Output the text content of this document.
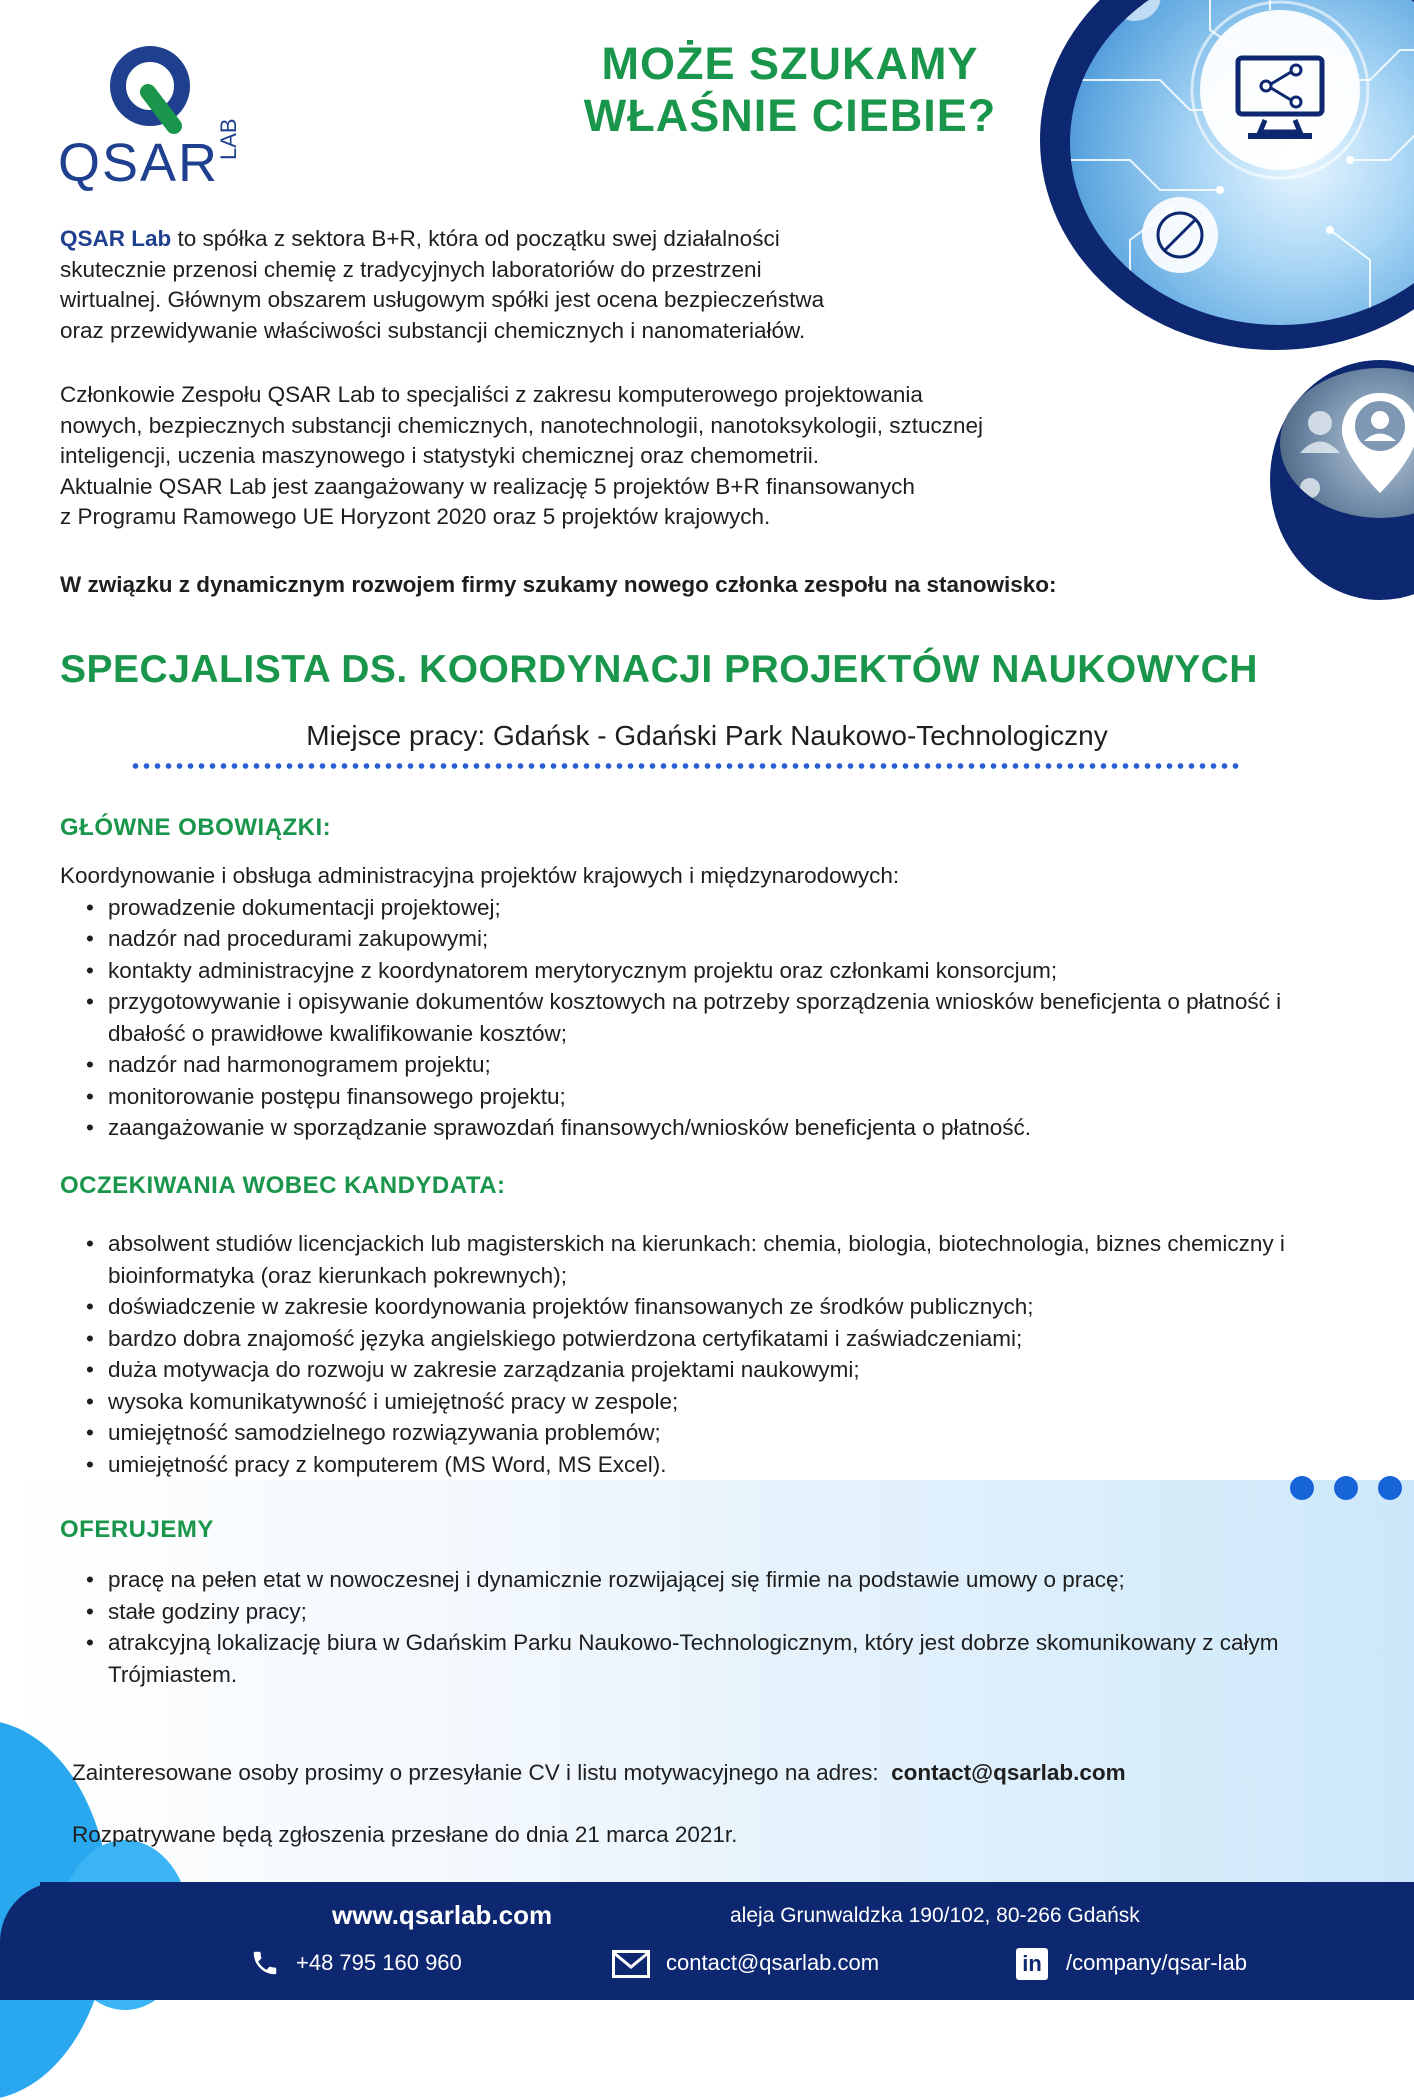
QSAR
LAB
MOŻE SZUKAMY
WŁAŚNIE CIEBIE?
QSAR Lab to spółka z sektora B+R, która od początku swej działalności
skutecznie przenosi chemię z tradycyjnych laboratoriów do przestrzeni
wirtualnej. Głównym obszarem usługowym spółki jest ocena bezpieczeństwa
oraz przewidywanie właściwości substancji chemicznych i nanomateriałów.
Członkowie Zespołu QSAR Lab to specjaliści z zakresu komputerowego projektowania
nowych, bezpiecznych substancji chemicznych, nanotechnologii, nanotoksykologii, sztucznej
inteligencji, uczenia maszynowego i statystyki chemicznej oraz chemometrii.
Aktualnie QSAR Lab jest zaangażowany w realizację 5 projektów B+R finansowanych
z Programu Ramowego UE Horyzont 2020 oraz 5 projektów krajowych.
W związku z dynamicznym rozwojem firmy szukamy nowego członka zespołu na stanowisko:
SPECJALISTA DS. KOORDYNACJI PROJEKTÓW NAUKOWYCH
Miejsce pracy: Gdańsk - Gdański Park Naukowo-Technologiczny
GŁÓWNE OBOWIĄZKI:
Koordynowanie i obsługa administracyjna projektów krajowych i międzynarodowych:
• prowadzenie dokumentacji projektowej;
• nadzór nad procedurami zakupowymi;
• kontakty administracyjne z koordynatorem merytorycznym projektu oraz członkami konsorcjum;
• przygotowywanie i opisywanie dokumentów kosztowych na potrzeby sporządzenia wniosków beneficjenta o płatność i dbałość o prawidłowe kwalifikowanie kosztów;
• nadzór nad harmonogramem projektu;
• monitorowanie postępu finansowego projektu;
• zaangażowanie w sporządzanie sprawozdań finansowych/wniosków beneficjenta o płatność.
OCZEKIWANIA WOBEC KANDYDATA:
• absolwent studiów licencjackich lub magisterskich na kierunkach: chemia, biologia, biotechnologia, biznes chemiczny i bioinformatyka (oraz kierunkach pokrewnych);
• doświadczenie w zakresie koordynowania projektów finansowanych ze środków publicznych;
• bardzo dobra znajomość języka angielskiego potwierdzona certyfikatami i zaświadczeniami;
• duża motywacja do rozwoju w zakresie zarządzania projektami naukowymi;
• wysoka komunikatywność i umiejętność pracy w zespole;
• umiejętność samodzielnego rozwiązywania problemów;
• umiejętność pracy z komputerem (MS Word, MS Excel).
OFERUJEMY
• pracę na pełen etat w nowoczesnej i dynamicznie rozwijającej się firmie na podstawie umowy o pracę;
• stałe godziny pracy;
• atrakcyjną lokalizację biura w Gdańskim Parku Naukowo-Technologicznym, który jest dobrze skomunikowany z całym Trójmiastem.
Zainteresowane osoby prosimy o przesyłanie CV i listu motywacyjnego na adres: contact@qsarlab.com
Rozpatrywane będą zgłoszenia przesłane do dnia 21 marca 2021r.
www.qsarlab.com	aleja Grunwaldzka 190/102, 80-266 Gdańsk
+48 795 160 960	contact@qsarlab.com	in /company/qsar-lab
